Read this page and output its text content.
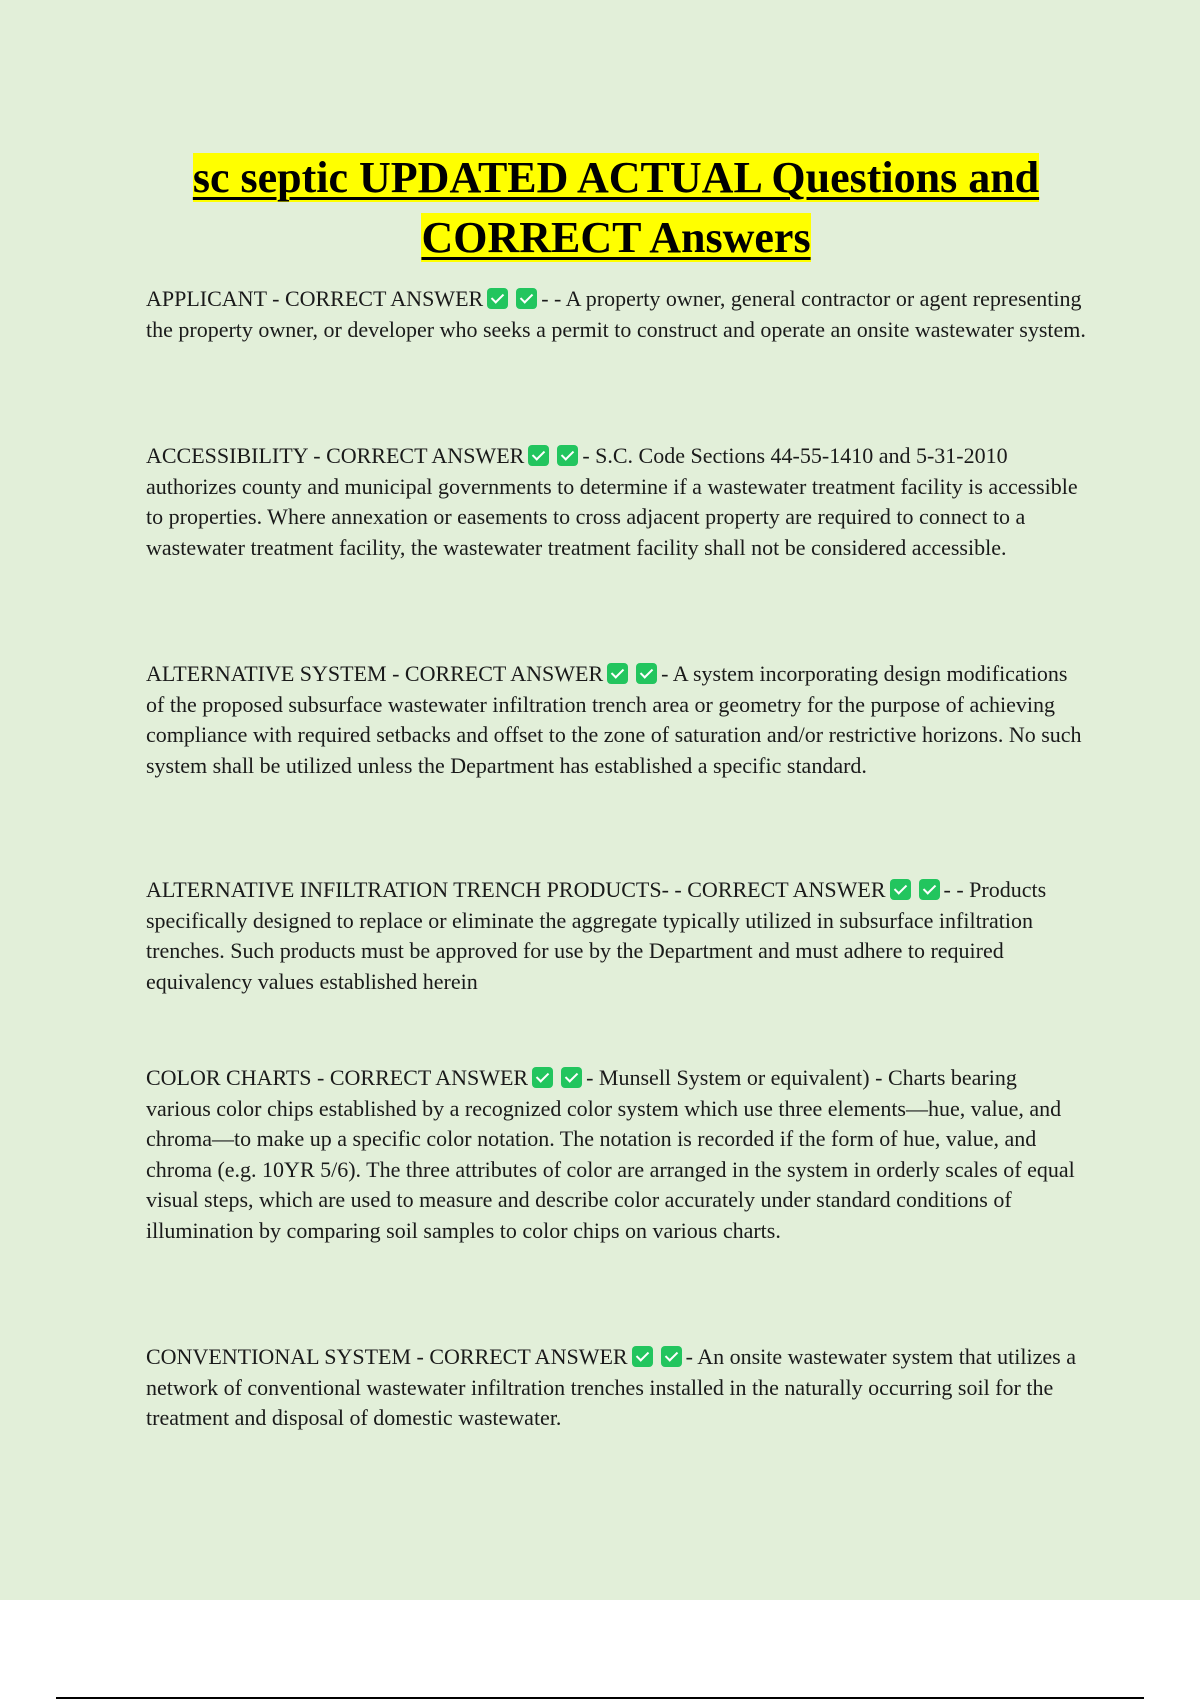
sc septic UPDATED ACTUAL Questions and CORRECT Answers

APPLICANT - CORRECT ANSWER	- - A property owner, general contractor or agent representing the property owner, or developer who seeks a permit to construct and operate an onsite wastewater system.

ACCESSIBILITY - CORRECT ANSWER	- S.C. Code Sections 44-55-1410 and 5-31-2010 authorizes county and municipal governments to determine if a wastewater treatment facility is accessible to properties. Where annexation or easements to cross adjacent property are required to connect to a wastewater treatment facility, the wastewater treatment facility shall not be considered accessible.

ALTERNATIVE SYSTEM - CORRECT ANSWER	- A system incorporating design modifications of the proposed subsurface wastewater infiltration trench area or geometry for the purpose of achieving compliance with required setbacks and offset to the zone of saturation and/or restrictive horizons. No such system shall be utilized unless the Department has established a specific standard.

ALTERNATIVE INFILTRATION TRENCH PRODUCTS- - CORRECT ANSWER	- - Products specifically designed to replace or eliminate the aggregate typically utilized in subsurface infiltration trenches. Such products must be approved for use by the Department and must adhere to required equivalency values established herein

COLOR CHARTS - CORRECT ANSWER	- Munsell System or equivalent) - Charts bearing various color chips established by a recognized color system which use three elements—hue, value, and chroma—to make up a specific color notation. The notation is recorded if the form of hue, value, and chroma (e.g. 10YR 5/6). The three attributes of color are arranged in the system in orderly scales of equal visual steps, which are used to measure and describe color accurately under standard conditions of illumination by comparing soil samples to color chips on various charts.

CONVENTIONAL SYSTEM - CORRECT ANSWER	- An onsite wastewater system that utilizes a network of conventional wastewater infiltration trenches installed in the naturally occurring soil for the treatment and disposal of domestic wastewater.
